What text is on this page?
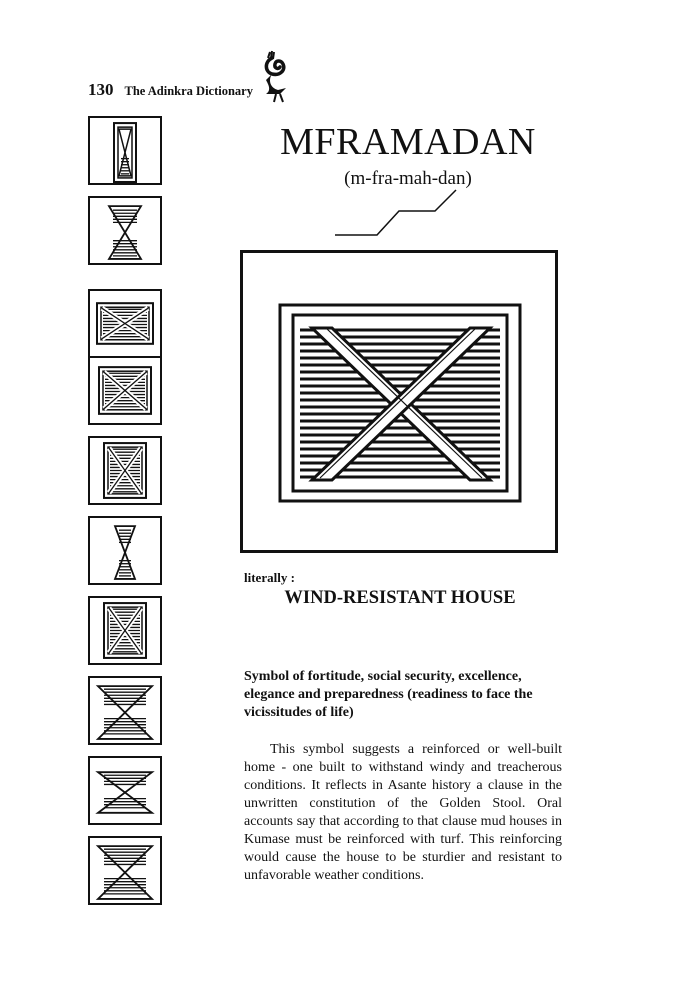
130 The Adinkra Dictionary
MFRAMADAN
(m-fra-mah-dan)
literally :
WIND-RESISTANT HOUSE
Symbol of fortitude, social security, excellence, elegance and preparedness (readiness to face the vicissitudes of life)

This symbol suggests a reinforced or well-built home - one built to withstand windy and treacherous conditions. It reflects in Asante history a clause in the unwritten constitution of the Golden Stool. Oral accounts say that according to that clause mud houses in Kumase must be reinforced with turf. This reinforcing would cause the house to be sturdier and resistant to unfavorable weather conditions.
